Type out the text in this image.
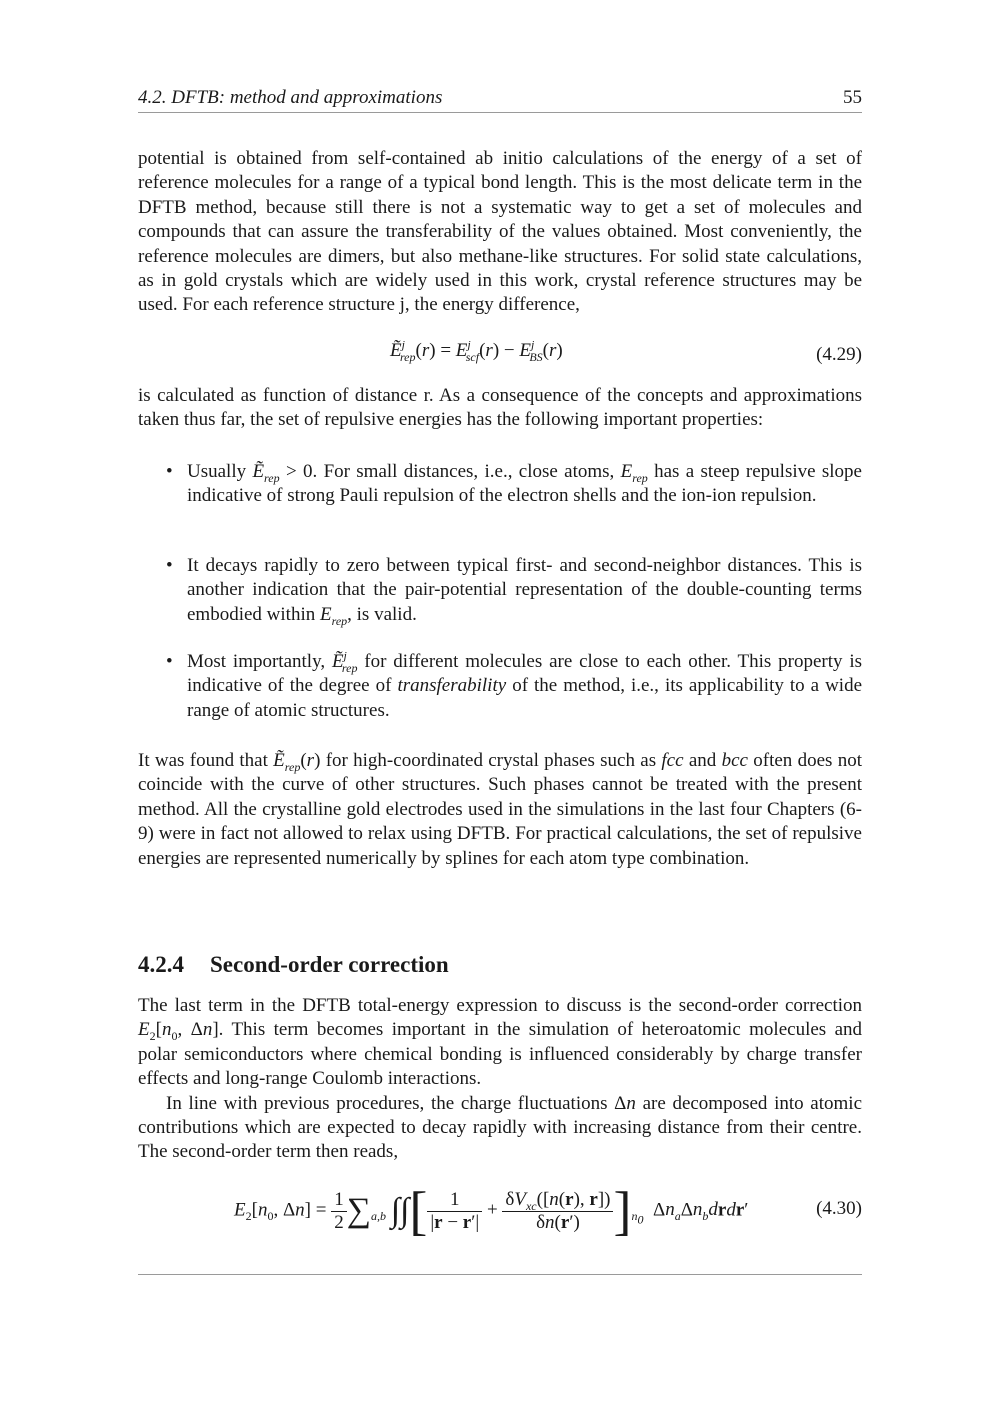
4.2. DFTB: method and approximations	55

potential is obtained from self-contained ab initio calculations of the energy of a set of reference molecules for a range of a typical bond length. This is the most delicate term in the DFTB method, because still there is not a systematic way to get a set of molecules and compounds that can assure the transferability of the values obtained. Most conveniently, the reference molecules are dimers, but also methane-like structures. For solid state calculations, as in gold crystals which are widely used in this work, crystal reference structures may be used. For each reference structure j, the energy difference,

Ẽ$^j_{rep}$(r) = $E^j_{scf}(r) - E^j_{BS}(r)$	(4.29)

is calculated as function of distance r. As a consequence of the concepts and approximations taken thus far, the set of repulsive energies has the following important properties:

• Usually Ẽ$_{rep}$ > 0. For small distances, i.e., close atoms, $E_{rep}$ has a steep repulsive slope indicative of strong Pauli repulsion of the electron shells and the ion-ion repulsion.
• It decays rapidly to zero between typical first- and second-neighbor distances. This is another indication that the pair-potential representation of the double-counting terms embodied within $E_{rep}$, is valid.
• Most importantly, Ẽ$^j_{rep}$ for different molecules are close to each other. This property is indicative of the degree of transferability of the method, i.e., its applicability to a wide range of atomic structures.

It was found that Ẽ$_{rep}$(r) for high-coordinated crystal phases such as fcc and bcc often does not coincide with the curve of other structures. Such phases cannot be treated with the present method. All the crystalline gold electrodes used in the simulations in the last four Chapters (6- 9) were in fact not allowed to relax using DFTB. For practical calculations, the set of repulsive energies are represented numerically by splines for each atom type combination.

4.2.4 Second-order correction

The last term in the DFTB total-energy expression to discuss is the second-order correction $E_2[n_0$, Δn]. This term becomes important in the simulation of heteroatomic molecules and polar semiconductors where chemical bonding is influenced considerably by charge transfer effects and long-range Coulomb interactions.

In line with previous procedures, the charge fluctuations Δn are decomposed into atomic contributions which are expected to decay rapidly with increasing distance from their centre. The second-order term then reads,

$E_2[n_0$, $\Delta n] = \frac{1}{2} \sum_{a,b}$ ∫∫[ $\frac{1}{|r - r'|} + \frac{\delta V_{xc}([n(r), r])}{\delta n(r')} ]_{n_0}$  $\Delta n_a\Delta n_bdrdr'$	(4.30)
